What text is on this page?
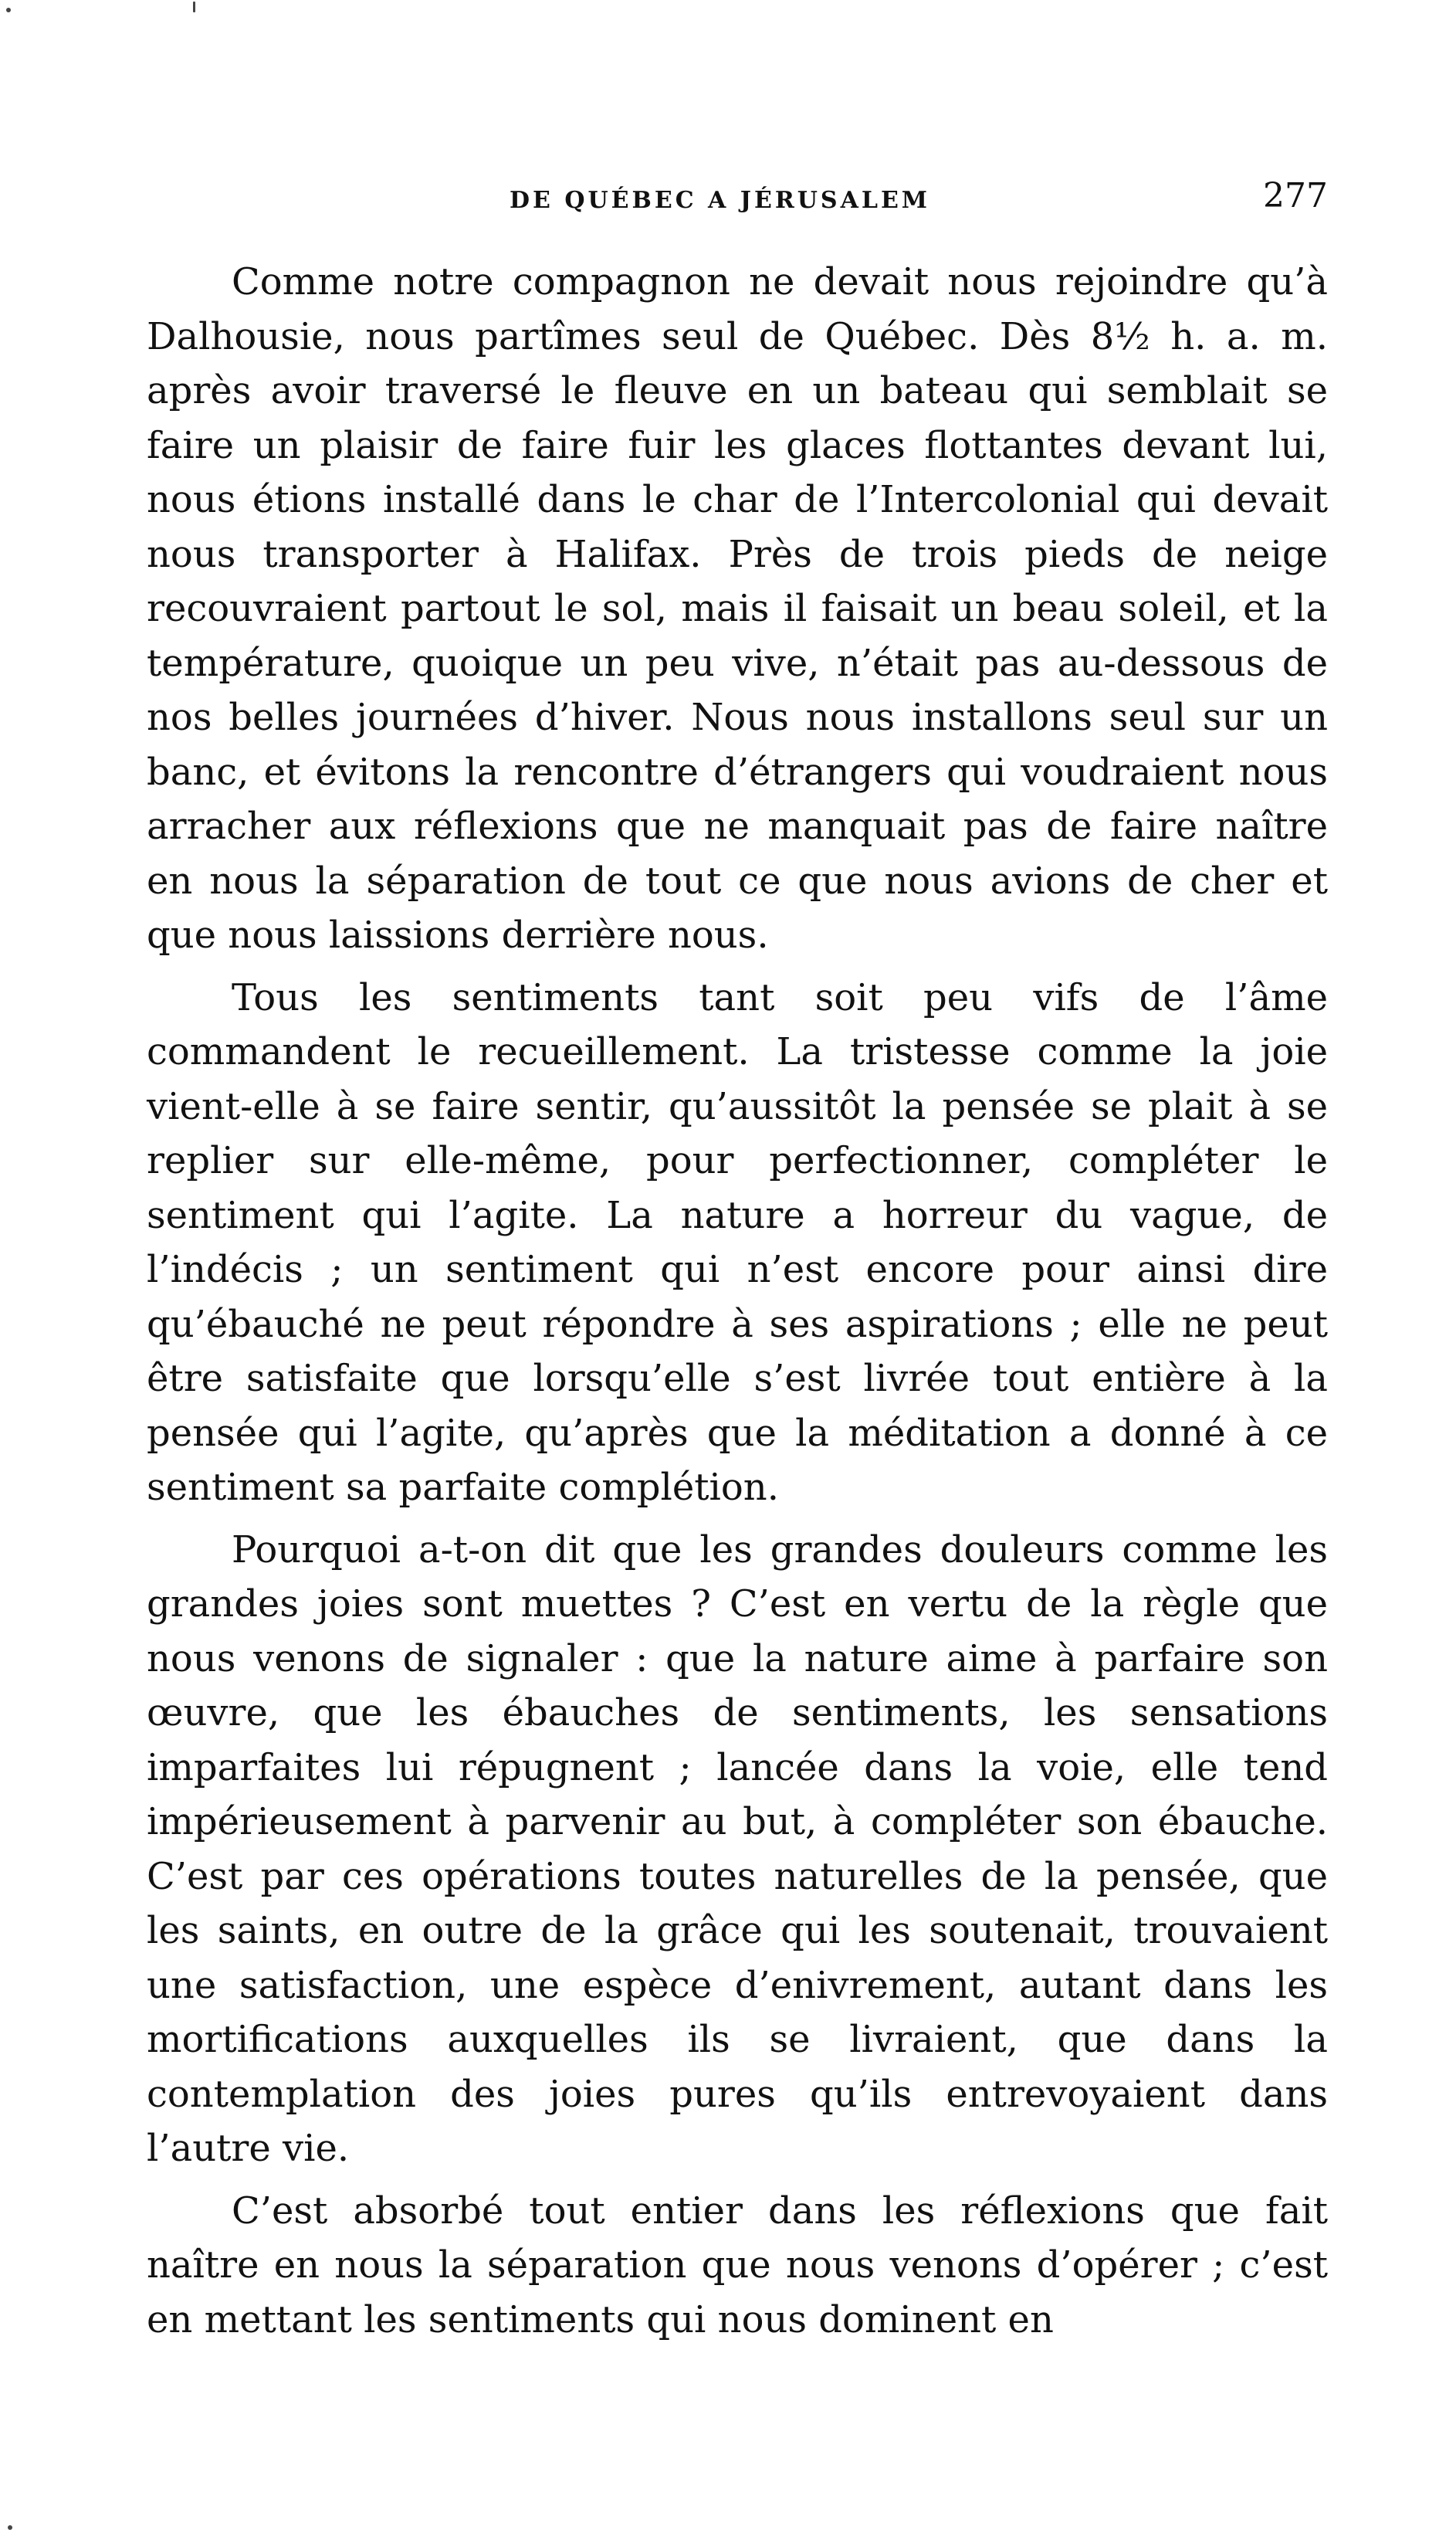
DE QUÉBEC A JÉRUSALEM	277

Comme notre compagnon ne devait nous rejoindre qu’à Dalhousie, nous partîmes seul de Québec. Dès 8½ h. a. m. après avoir traversé le fleuve en un bateau qui semblait se faire un plaisir de faire fuir les glaces flottantes devant lui, nous étions installé dans le char de l’Intercolonial qui devait nous transporter à Halifax. Près de trois pieds de neige recouvraient partout le sol, mais il faisait un beau soleil, et la température, quoique un peu vive, n’était pas au-dessous de nos belles journées d’hiver. Nous nous installons seul sur un banc, et évitons la rencontre d’étrangers qui voudraient nous arracher aux réflexions que ne manquait pas de faire naître en nous la séparation de tout ce que nous avions de cher et que nous laissions derrière nous.

Tous les sentiments tant soit peu vifs de l’âme commandent le recueillement. La tristesse comme la joie vient-elle à se faire sentir, qu’aussitôt la pensée se plait à se replier sur elle-même, pour perfectionner, compléter le sentiment qui l’agite. La nature a horreur du vague, de l’indécis ; un sentiment qui n’est encore pour ainsi dire qu’ébauché ne peut répondre à ses aspirations ; elle ne peut être satisfaite que lorsqu’elle s’est livrée tout entière à la pensée qui l’agite, qu’après que la méditation a donné à ce sentiment sa parfaite complétion.

Pourquoi a-t-on dit que les grandes douleurs comme les grandes joies sont muettes ? C’est en vertu de la règle que nous venons de signaler : que la nature aime à parfaire son œuvre, que les ébauches de sentiments, les sensations imparfaites lui répugnent ; lancée dans la voie, elle tend impérieusement à parvenir au but, à compléter son ébauche. C’est par ces opérations toutes naturelles de la pensée, que les saints, en outre de la grâce qui les soutenait, trouvaient une satisfaction, une espèce d’enivrement, autant dans les mortifications auxquelles ils se livraient, que dans la contemplation des joies pures qu’ils entrevoyaient dans l’autre vie.

C’est absorbé tout entier dans les réflexions que fait naître en nous la séparation que nous venons d’opérer ; c’est en mettant les sentiments qui nous dominent en
